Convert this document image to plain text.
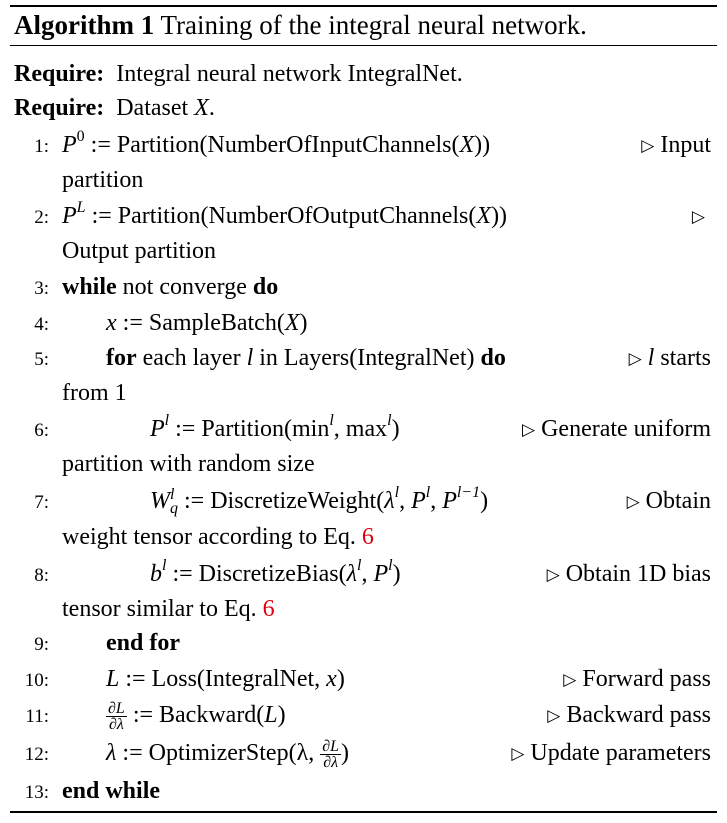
Algorithm 1 Training of the integral neural network.
Require: Integral neural network IntegralNet.
Require: Dataset X.
1: $P^0$ := Partition(NumberOfInputChannels(X))	▷ Input
partition
2: $P^L$ := Partition(NumberOfOutputChannels(X))	▷
Output partition
3: while not converge do
4: x := SampleBatch(X)
5: for each layer l in Layers(IntegralNet) do	▷ l starts
from 1
6:	$P^l$ := $Partition(\min^l$, $\max^l$)	▷ Generate uniform
partition with random size
7:	W l
q := $DiscretizeWeight(\lambda^l$, $P^l$, $P^{l-1}$)	▷ Obtain
weight tensor according to Eq. 6
8:	$b^l$ := $DiscretizeBias(\lambda^l$, $P^l$)	▷ Obtain 1D bias
tensor similar to Eq. 6
9: end for
10: L := Loss(IntegralNet, x)	▷ Forward pass
11:	$\frac{\partial L}{\partial\lambda}$ := Backward(L)	▷ Backward pass
12: λ := OptimizerStep(λ, $\frac{\partial L}{\partial\lambda}$ )	▷ Update parameters
13: end while
